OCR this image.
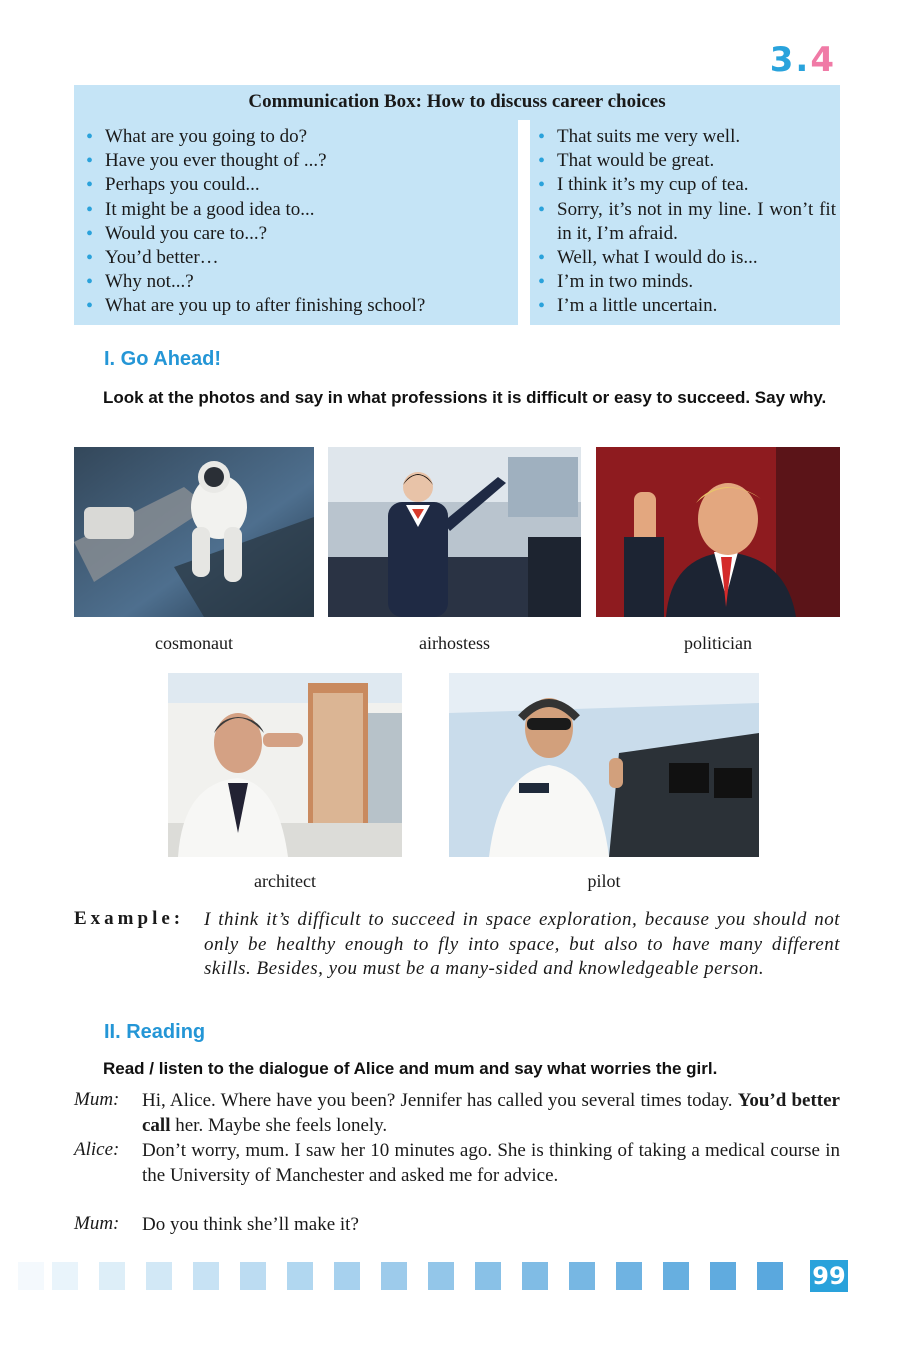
3.4
Communication Box: How to discuss career choices
• What are you going to do?
• Have you ever thought of ...?
• Perhaps you could...
• It might be a good idea to...
• Would you care to...?
• You’d better…
• Why not...?
• What are you up to after finishing school?
• That suits me very well.
• That would be great.
• I think it’s my cup of tea.
• Sorry, it’s not in my line. I won’t fit in it, I’m afraid.
• Well, what I would do is...
• I’m in two minds.
• I’m a little uncertain.
I. Go Ahead!
Look at the photos and say in what professions it is difficult or easy to succeed. Say why.
cosmonaut	airhostess	politician
architect	pilot
Example: I think it’s difficult to succeed in space exploration, because you should not only be healthy enough to fly into space, but also to have many different skills. Besides, you must be a many-sided and knowledgeable person.
II. Reading
Read / listen to the dialogue of Alice and mum and say what worries the girl.
Mum: Hi, Alice. Where have you been? Jennifer has called you several times today. You’d better call her. Maybe she feels lonely.
Alice: Don’t worry, mum. I saw her 10 minutes ago. She is thinking of taking a medical course in the University of Manchester and asked me for advice.
Mum: Do you think she’ll make it?
99
